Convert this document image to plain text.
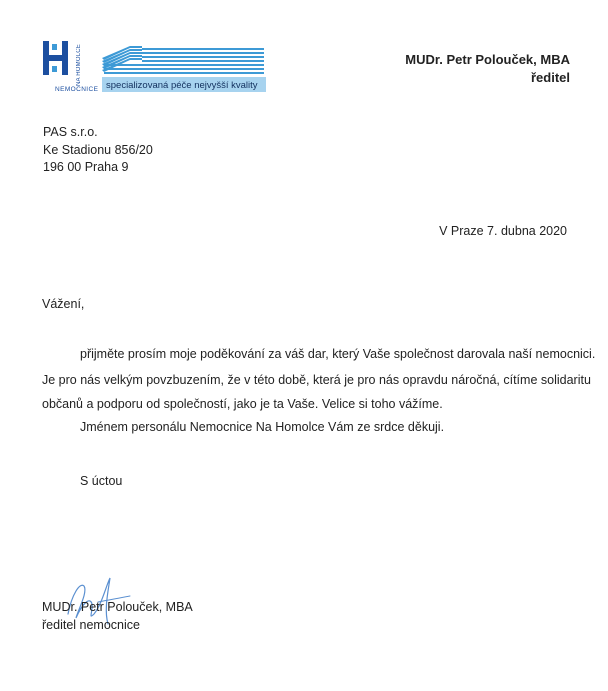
NA HOMOLCE
NEMOCNICE specializovaná péče nejvyšší kvality
MUDr. Petr Polouček, MBA
ředitel
PAS s.r.o.
Ke Stadionu 856/20
196 00 Praha 9
V Praze 7. dubna 2020
Vážení,
přijměte prosím moje poděkování za váš dar, který Vaše společnost darovala naší nemocnici.
Je pro nás velkým povzbuzením, že v této době, která je pro nás opravdu náročná, cítíme solidaritu
občanů a podporu od společností, jako je ta Vaše. Velice si toho vážíme.
Jménem personálu Nemocnice Na Homolce Vám ze srdce děkuji.
S úctou
MUDr. Petr Polouček, MBA
ředitel nemocnice
